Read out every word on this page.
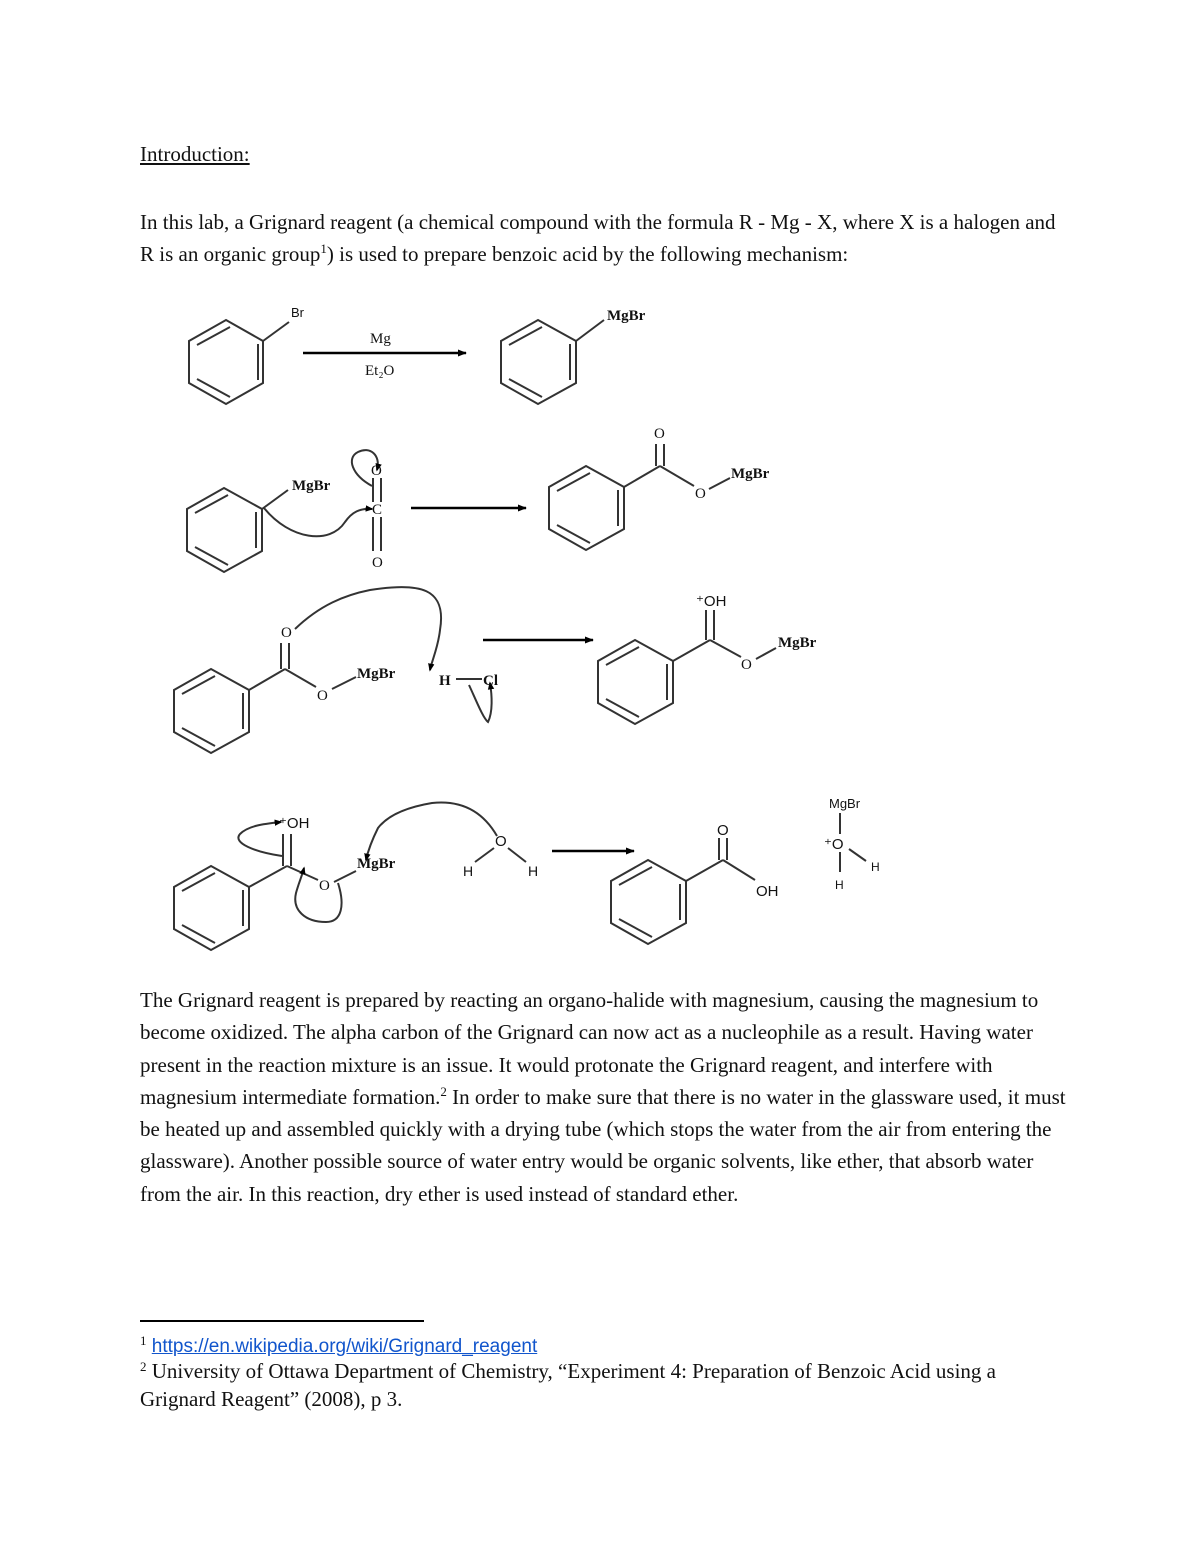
Introduction:

In this lab, a Grignard reagent (a chemical compound with the formula R - Mg - X, where X is a halogen and R is an organic group$^1$) is used to prepare benzoic acid by the following mechanism:

Br
Mg
Et₂O
MgBr
MgBr
O
C
O
O
O
MgBr
O
O
MgBr	H Cl
⁺OH
O
MgBr
⁺OH
O
MgBr
O
H	H
O
OH
MgBr
⁺O
H
H

The Grignard reagent is prepared by reacting an organo-halide with magnesium, causing the magnesium to become oxidized. The alpha carbon of the Grignard can now act as a nucleophile as a result. Having water present in the reaction mixture is an issue. It would protonate the Grignard reagent, and interfere with magnesium intermediate formation.$^2$ In order to make sure that there is no water in the glassware used, it must be heated up and assembled quickly with a drying tube (which stops the water from the air from entering the glassware). Another possible source of water entry would be organic solvents, like ether, that absorb water from the air. In this reaction, dry ether is used instead of standard ether.

$^1$ https://en.wikipedia.org/wiki/Grignard_reagent

$^2$ University of Ottawa Department of Chemistry, “Experiment 4: Preparation of Benzoic Acid using a Grignard Reagent” (2008), p 3.
